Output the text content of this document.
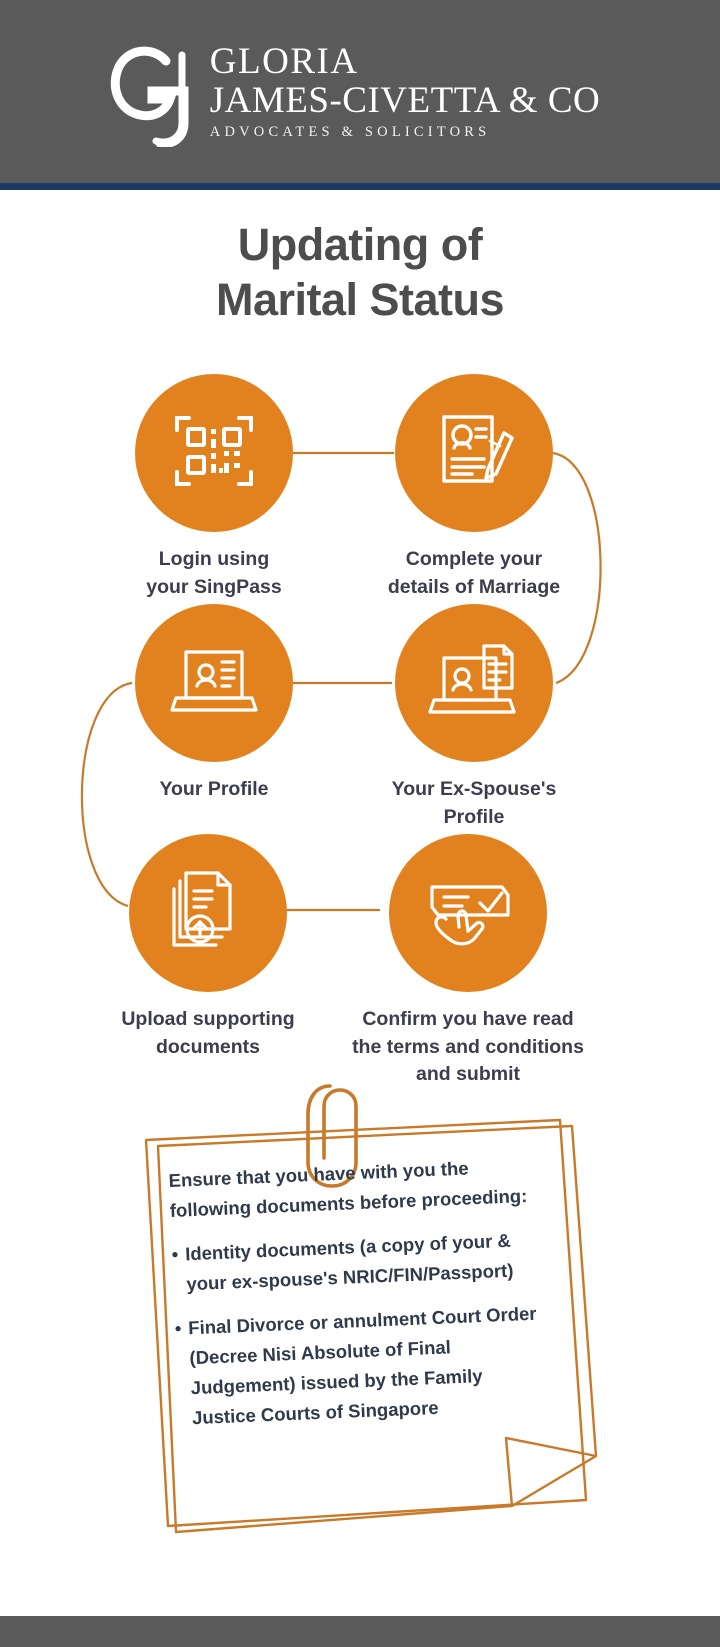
GLORIA
JAMES-CIVETTA & CO
ADVOCATES & SOLICITORS
Updating of
Marital Status
Login using
your SingPass
Complete your
details of Marriage
Your Profile	Your Ex-Spouse's
Profile
Upload supporting
documents
Confirm you have read
the terms and conditions
and submit

Ensure that you have with you the following documents before proceeding:

• Identity documents (a copy of your & your ex-spouse's NRIC/FIN/Passport)
• Final Divorce or annulment Court Order (Decree Nisi Absolute of Final Judgement) issued by the Family Justice Courts of Singapore
